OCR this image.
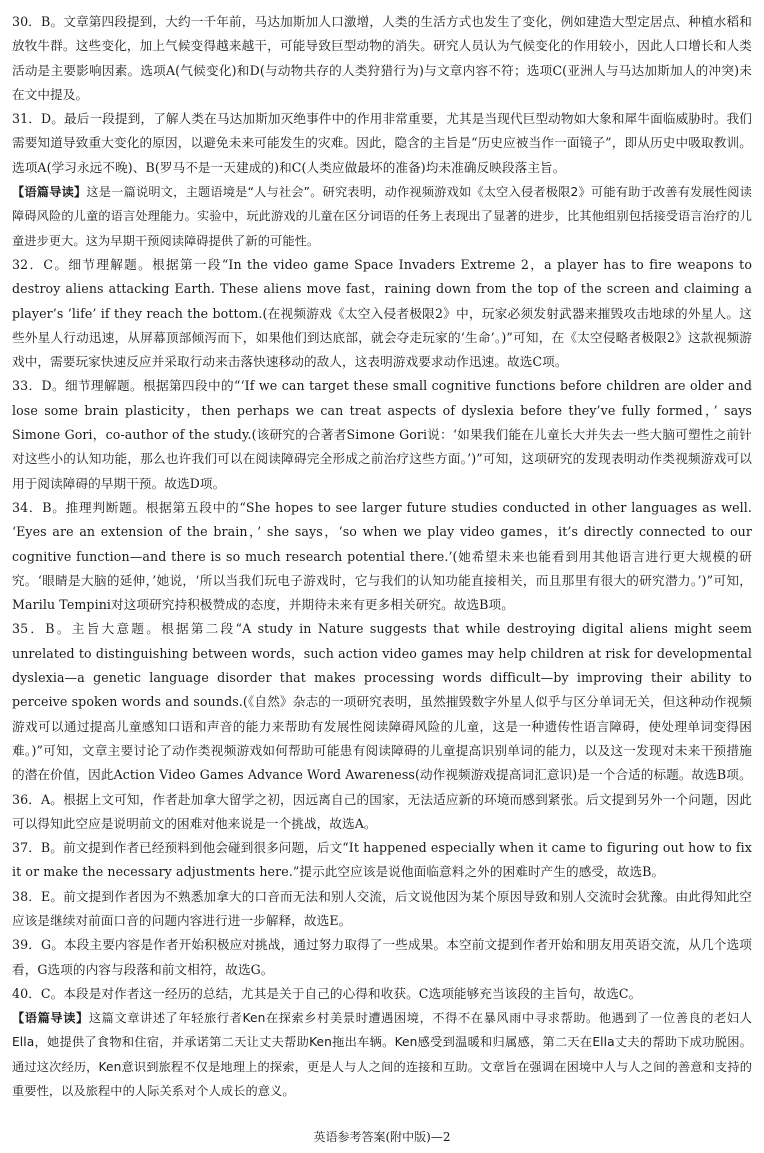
30．B。文章第四段提到，大约一千年前，马达加斯加人口激增，人类的生活方式也发生了变化，例如建造大型定居点、种植水稻和放牧牛群。这些变化，加上气候变得越来越干，可能导致巨型动物的消失。研究人员认为气候变化的作用较小，因此人口增长和人类活动是主要影响因素。选项A(气候变化)和D(与动物共存的人类狩猎行为)与文章内容不符；选项C(亚洲人与马达加斯加人的冲突)未在文中提及。

31．D。最后一段提到，了解人类在马达加斯加灭绝事件中的作用非常重要，尤其是当现代巨型动物如大象和犀牛面临威胁时。我们需要知道导致重大变化的原因，以避免未来可能发生的灾难。因此，隐含的主旨是“历史应被当作一面镜子”，即从历史中吸取教训。选项A(学习永远不晚)、B(罗马不是一天建成的)和C(人类应做最坏的准备)均未准确反映段落主旨。

【语篇导读】这是一篇说明文，主题语境是“人与社会”。研究表明，动作视频游戏如《太空入侵者极限2》可能有助于改善有发展性阅读障碍风险的儿童的语言处理能力。实验中，玩此游戏的儿童在区分词语的任务上表现出了显著的进步，比其他组别包括接受语言治疗的儿童进步更大。这为早期干预阅读障碍提供了新的可能性。

32．C。细节理解题。根据第一段“In the video game Space Invaders Extreme 2，a player has to fire weapons to destroy aliens attacking Earth. These aliens move fast，raining down from the top of the screen and claiming a player’s ‘life’ if they reach the bottom.(在视频游戏《太空入侵者极限2》中，玩家必须发射武器来摧毁攻击地球的外星人。这些外星人行动迅速，从屏幕顶部倾泻而下，如果他们到达底部，就会夺走玩家的‘生命’。)”可知，在《太空侵略者极限2》这款视频游戏中，需要玩家快速反应并采取行动来击落快速移动的敌人，这表明游戏要求动作迅速。故选C项。

33．D。细节理解题。根据第四段中的“‘If we can target these small cognitive functions before children are older and lose some brain plasticity，then perhaps we can treat aspects of dyslexia before they’ve fully formed，’ says Simone Gori，co-author of the study.(该研究的合著者Simone Gori说：‘如果我们能在儿童长大并失去一些大脑可塑性之前针对这些小的认知功能，那么也许我们可以在阅读障碍完全形成之前治疗这些方面。’)”可知，这项研究的发现表明动作类视频游戏可以用于阅读障碍的早期干预。故选D项。

34．B。推理判断题。根据第五段中的“She hopes to see larger future studies conducted in other languages as well. ‘Eyes are an extension of the brain，’ she says，‘so when we play video games，it’s directly connected to our cognitive function—and there is so much research potential there.’(她希望未来也能看到用其他语言进行更大规模的研究。‘眼睛是大脑的延伸，’她说，‘所以当我们玩电子游戏时，它与我们的认知功能直接相关，而且那里有很大的研究潜力。’)”可知，Marilu Tempini对这项研究持积极赞成的态度，并期待未来有更多相关研究。故选B项。

35．B。主旨大意题。根据第二段“A study in Nature suggests that while destroying digital aliens might seem unrelated to distinguishing between words，such action video games may help children at risk for developmental dyslexia—a genetic language disorder that makes processing words difficult—by improving their ability to perceive spoken words and sounds.(《自然》杂志的一项研究表明，虽然摧毁数字外星人似乎与区分单词无关，但这种动作视频游戏可以通过提高儿童感知口语和声音的能力来帮助有发展性阅读障碍风险的儿童，这是一种遗传性语言障碍，使处理单词变得困难。)”可知，文章主要讨论了动作类视频游戏如何帮助可能患有阅读障碍的儿童提高识别单词的能力，以及这一发现对未来干预措施的潜在价值，因此Action Video Games Advance Word Awareness(动作视频游戏提高词汇意识)是一个合适的标题。故选B项。

36．A。根据上文可知，作者赴加拿大留学之初，因远离自己的国家，无法适应新的环境而感到紧张。后文提到另外一个问题，因此可以得知此空应是说明前文的困难对他来说是一个挑战，故选A。

37．B。前文提到作者已经预料到他会碰到很多问题，后文“It happened especially when it came to figuring out how to fix it or make the necessary adjustments here.”提示此空应该是说他面临意料之外的困难时产生的感受，故选B。

38．E。前文提到作者因为不熟悉加拿大的口音而无法和别人交流，后文说他因为某个原因导致和别人交流时会犹豫。由此得知此空应该是继续对前面口音的问题内容进行进一步解释，故选E。

39．G。本段主要内容是作者开始积极应对挑战，通过努力取得了一些成果。本空前文提到作者开始和朋友用英语交流，从几个选项看，G选项的内容与段落和前文相符，故选G。

40．C。本段是对作者这一经历的总结，尤其是关于自己的心得和收获。C选项能够充当该段的主旨句，故选C。

【语篇导读】这篇文章讲述了年轻旅行者Ken在探索乡村美景时遭遇困境，不得不在暴风雨中寻求帮助。他遇到了一位善良的老妇人Ella，她提供了食物和住宿，并承诺第二天让丈夫帮助Ken拖出车辆。Ken感受到温暖和归属感，第二天在Ella丈夫的帮助下成功脱困。通过这次经历，Ken意识到旅程不仅是地理上的探索，更是人与人之间的连接和互助。文章旨在强调在困境中人与人之间的善意和支持的重要性，以及旅程中的人际关系对个人成长的意义。

英语参考答案(附中版)—2
